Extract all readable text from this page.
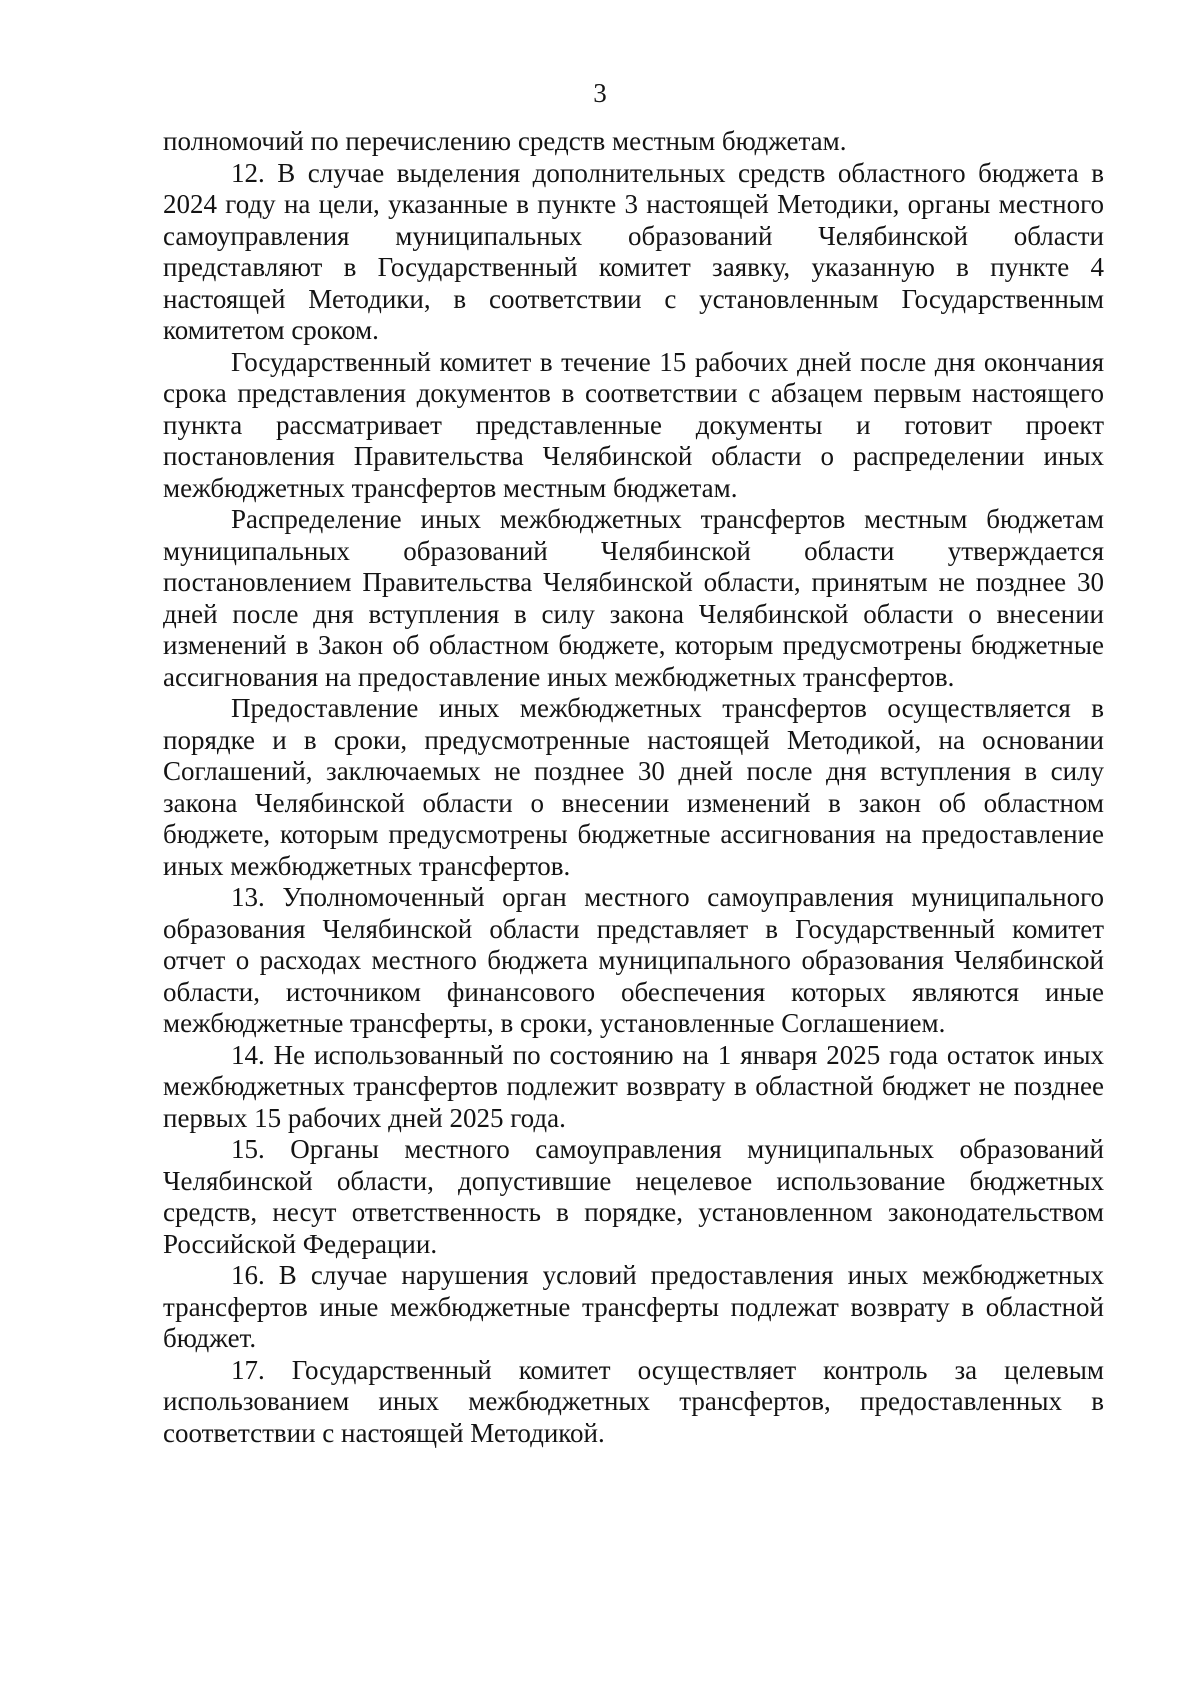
3

полномочий по перечислению средств местным бюджетам.

12. В случае выделения дополнительных средств областного бюджета в 2024 году на цели, указанные в пункте 3 настоящей Методики, органы местного самоуправления муниципальных образований Челябинской области представляют в Государственный комитет заявку, указанную в пункте 4 настоящей Методики, в соответствии с установленным Государственным комитетом сроком.

Государственный комитет в течение 15 рабочих дней после дня окончания срока представления документов в соответствии с абзацем первым настоящего пункта рассматривает представленные документы и готовит проект постановления Правительства Челябинской области о распределении иных межбюджетных трансфертов местным бюджетам.

Распределение иных межбюджетных трансфертов местным бюджетам муниципальных образований Челябинской области утверждается постановлением Правительства Челябинской области, принятым не позднее 30 дней после дня вступления в силу закона Челябинской области о внесении изменений в Закон об областном бюджете, которым предусмотрены бюджетные ассигнования на предоставление иных межбюджетных трансфертов.

Предоставление иных межбюджетных трансфертов осуществляется в порядке и в сроки, предусмотренные настоящей Методикой, на основании Соглашений, заключаемых не позднее 30 дней после дня вступления в силу закона Челябинской области о внесении изменений в закон об областном бюджете, которым предусмотрены бюджетные ассигнования на предоставление иных межбюджетных трансфертов.

13. Уполномоченный орган местного самоуправления муниципального образования Челябинской области представляет в Государственный комитет отчет о расходах местного бюджета муниципального образования Челябинской области, источником финансового обеспечения которых являются иные межбюджетные трансферты, в сроки, установленные Соглашением.

14. Не использованный по состоянию на 1 января 2025 года остаток иных межбюджетных трансфертов подлежит возврату в областной бюджет не позднее первых 15 рабочих дней 2025 года.

15. Органы местного самоуправления муниципальных образований Челябинской области, допустившие нецелевое использование бюджетных средств, несут ответственность в порядке, установленном законодательством Российской Федерации.

16. В случае нарушения условий предоставления иных межбюджетных трансфертов иные межбюджетные трансферты подлежат возврату в областной бюджет.

17. Государственный комитет осуществляет контроль за целевым использованием иных межбюджетных трансфертов, предоставленных в соответствии с настоящей Методикой.
